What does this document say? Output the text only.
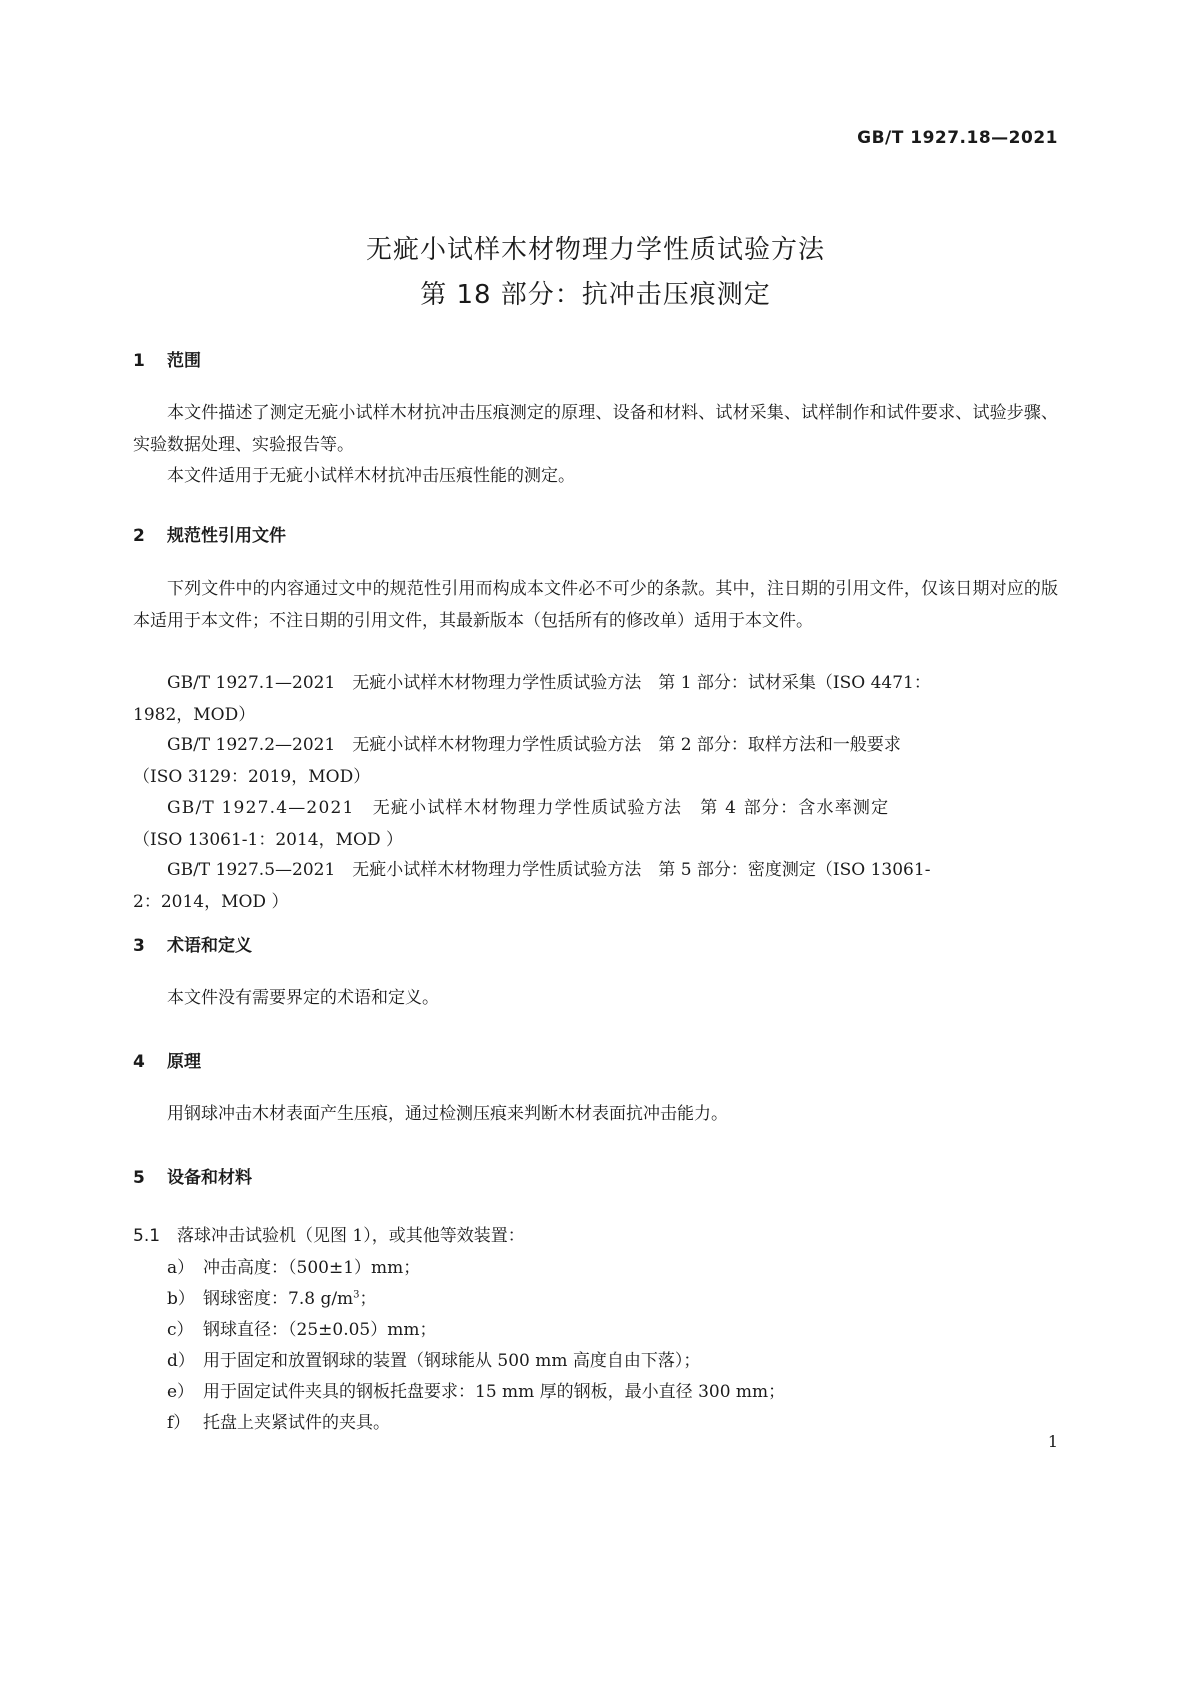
GB/T 1927.18—2021
无疵小试样木材物理力学性质试验方法
第 18 部分：抗冲击压痕测定
1 范围
本文件描述了测定无疵小试样木材抗冲击压痕测定的原理、设备和材料、试材采集、试样制作和试件要求、试验步骤、实验数据处理、实验报告等。
本文件适用于无疵小试样木材抗冲击压痕性能的测定。
2 规范性引用文件
下列文件中的内容通过文中的规范性引用而构成本文件必不可少的条款。其中，注日期的引用文件，仅该日期对应的版本适用于本文件；不注日期的引用文件，其最新版本（包括所有的修改单）适用于本文件。
GB/T 1927.1—2021　无疵小试样木材物理力学性质试验方法　第 1 部分：试材采集（ISO 4471：
1982，MOD）
GB/T 1927.2—2021　无疵小试样木材物理力学性质试验方法　第 2 部分：取样方法和一般要求
（ISO 3129：2019，MOD）
GB/T 1927.4—2021　无疵小试样木材物理力学性质试验方法　第 4 部分：含水率测定
（ISO 13061-1：2014，MOD ）
GB/T 1927.5—2021　无疵小试样木材物理力学性质试验方法　第 5 部分：密度测定（ISO 13061-
2：2014，MOD ）
3 术语和定义
本文件没有需要界定的术语和定义。
4 原理
用钢球冲击木材表面产生压痕，通过检测压痕来判断木材表面抗冲击能力。
5 设备和材料
5.1 落球冲击试验机（见图 1），或其他等效装置：
a） 冲击高度：（500±1）mm；
b） 钢球密度：7.8 $g/m^3$；
c） 钢球直径：（25±0.05）mm；
d） 用于固定和放置钢球的装置（钢球能从 500 mm 高度自由下落）；
e） 用于固定试件夹具的钢板托盘要求：15 mm 厚的钢板，最小直径 300 mm；
f） 托盘上夹紧试件的夹具。
1
